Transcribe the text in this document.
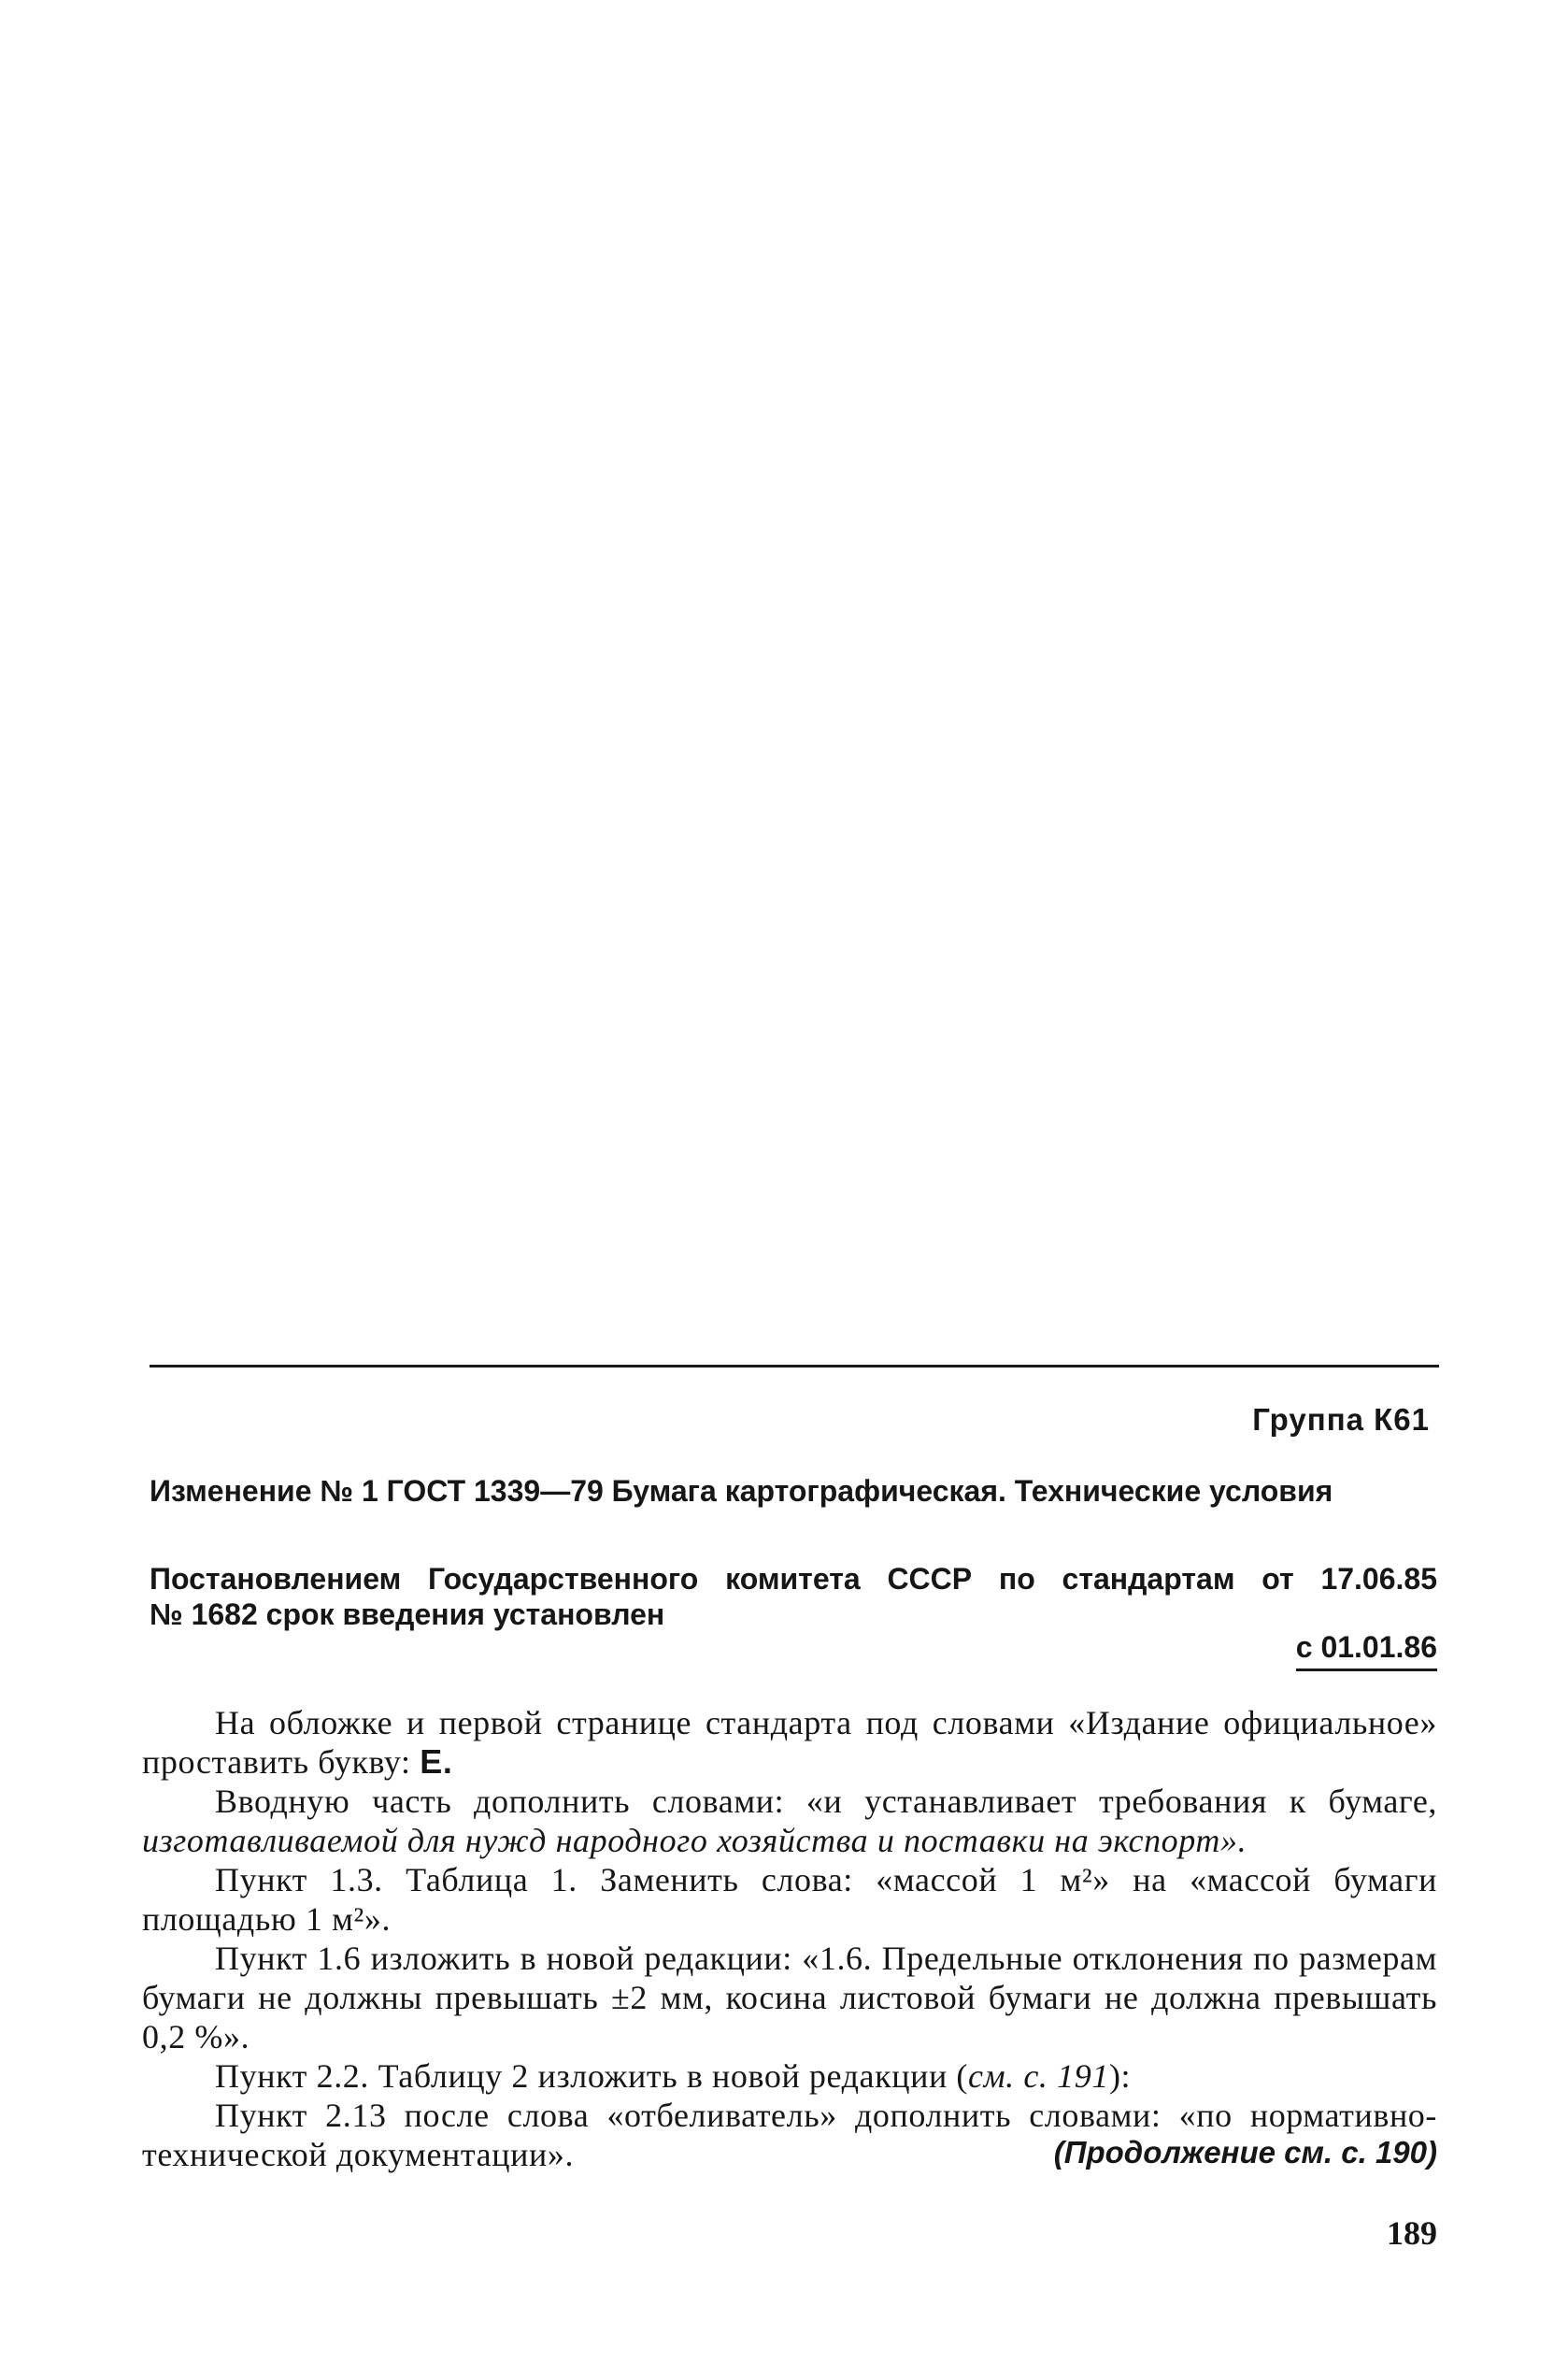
Группа К61
Изменение № 1 ГОСТ 1339—79 Бумага картографическая. Технические условия
Постановлением Государственного комитета СССР по стандартам от 17.06.85
№ 1682 срок введения установлен
с 01.01.86

На обложке и первой странице стандарта под словами «Издание официальное» проставить букву: Е.

Вводную часть дополнить словами: «и устанавливает требования к бумаге, изготавливаемой для нужд народного хозяйства и поставки на экспорт».

Пункт 1.3. Таблица 1. Заменить слова: «массой 1 м²» на «массой бумаги площадью 1 м²».

Пункт 1.6 изложить в новой редакции: «1.6. Предельные отклонения по размерам бумаги не должны превышать ±2 мм, косина листовой бумаги не должна превышать 0,2 %».

Пункт 2.2. Таблицу 2 изложить в новой редакции (см. с. 191):

Пункт 2.13 после слова «отбеливатель» дополнить словами: «по нормативно-технической документации».	(Продолжение см. с. 190)
189
